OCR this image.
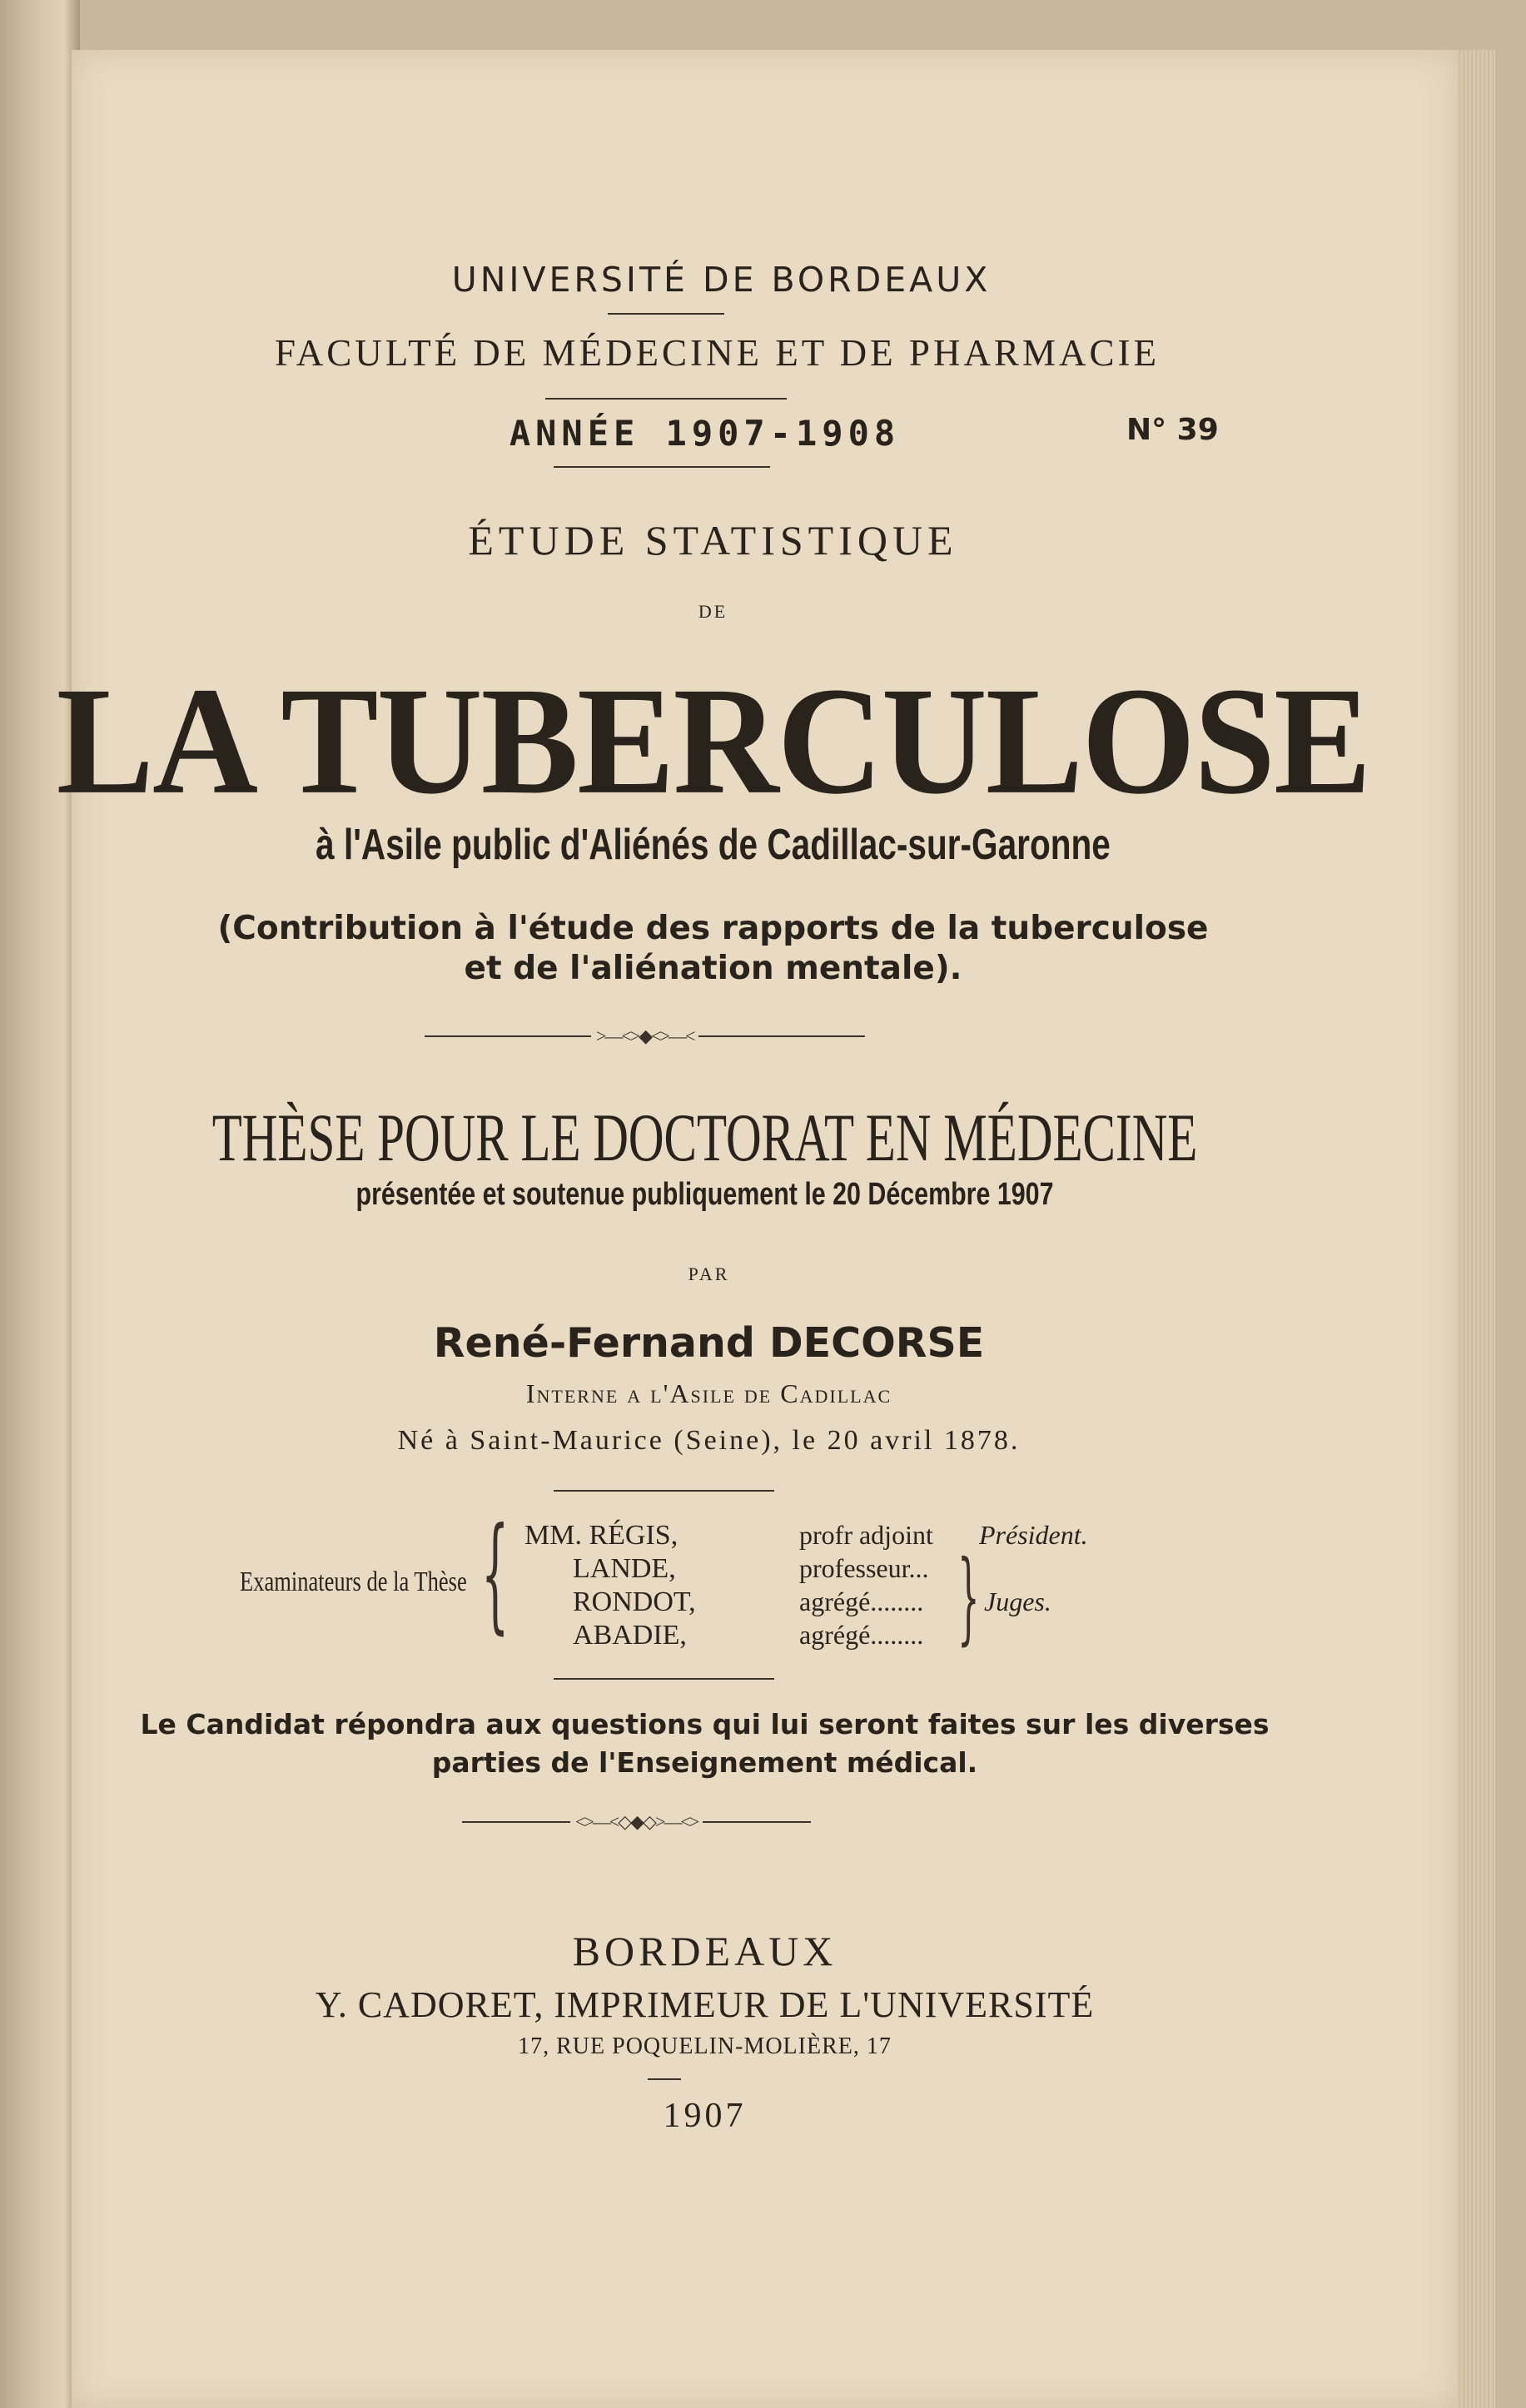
UNIVERSITÉ DE BORDEAUX
FACULTÉ DE MÉDECINE ET DE PHARMACIE
ANNÉE 1907-1908	N° 39
ÉTUDE STATISTIQUE
DE
LA TUBERCULOSE
à l'Asile public d'Aliénés de Cadillac-sur-Garonne
(Contribution à l'étude des rapports de la tuberculose
et de l'aliénation mentale).
>—<>◆<>—<
THÈSE POUR LE DOCTORAT EN MÉDECINE
présentée et soutenue publiquement le 20 Décembre 1907
PAR
René-Fernand DECORSE
Interne a l'Asile de Cadillac
Né à Saint-Maurice (Seine), le 20 avril 1878.
Examinateurs de la Thèse { MM. RÉGIS,
LANDE,
RONDOT,
ABADIE,
profr adjoint
professeur...
agrégé........
agrégé........
Président.
} Juges.
Le Candidat répondra aux questions qui lui seront faites sur les diverses
parties de l'Enseignement médical.
<>—<◇◆◇>—<>
BORDEAUX
Y. CADORET, IMPRIMEUR DE L'UNIVERSITÉ
17, RUE POQUELIN-MOLIÈRE, 17
1907
